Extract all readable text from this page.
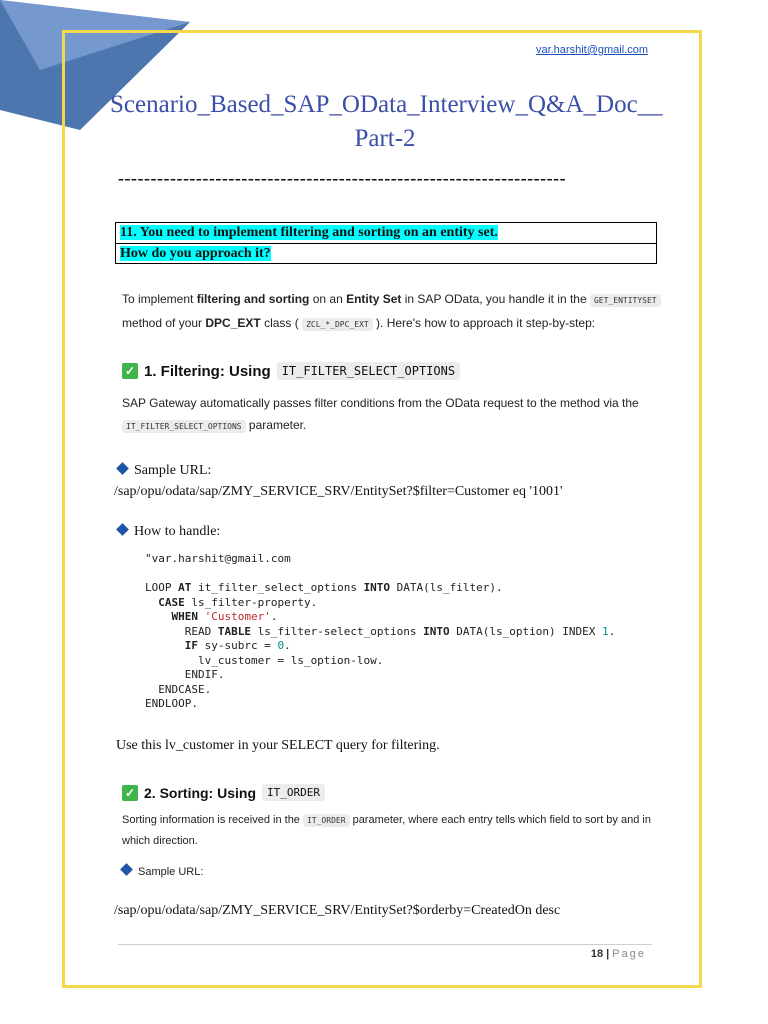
var.harshit@gmail.com
Scenario_Based_SAP_OData_Interview_Q&A_Doc__
Part-2
---------------------------------------------------------------------
11. You need to implement filtering and sorting on an entity set.
How do you approach it?
To implement filtering and sorting on an Entity Set in SAP OData, you handle it in the GET_ENTITYSET
method of your DPC_EXT class ( ZCL_*_DPC_EXT ). Here's how to approach it step-by-step:
✓ 1. Filtering: Using IT_FILTER_SELECT_OPTIONS
SAP Gateway automatically passes filter conditions from the OData request to the method via the
IT_FILTER_SELECT_OPTIONS parameter.
Sample URL:
/sap/opu/odata/sap/ZMY_SERVICE_SRV/EntitySet?$filter=Customer eq '1001'
How to handle:
"var.harshit@gmail.com

LOOP AT it_filter_select_options INTO DATA(ls_filter).
CASE ls_filter-property.
WHEN 'Customer'.
READ TABLE ls_filter-select_options INTO DATA(ls_option) INDEX 1.
IF sy-subrc = 0.
lv_customer = ls_option-low.
ENDIF.
ENDCASE.
ENDLOOP.
Use this lv_customer in your SELECT query for filtering.
✓ 2. Sorting: Using	IT_ORDER
Sorting information is received in the IT_ORDER parameter, where each entry tells which field to sort by and in which direction.
Sample URL:
/sap/opu/odata/sap/ZMY_SERVICE_SRV/EntitySet?$orderby=CreatedOn desc
18 | Page
